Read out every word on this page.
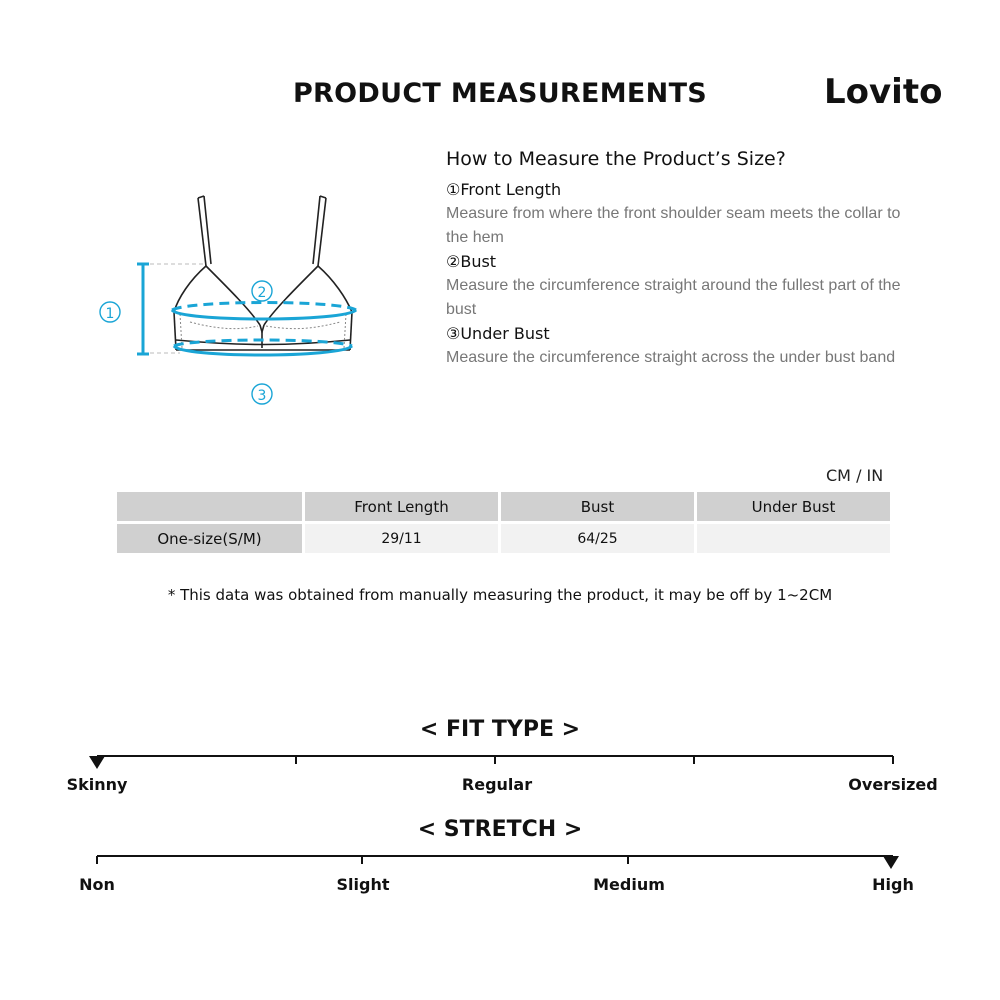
PRODUCT MEASUREMENTS	Lovito
1
2
3
How to Measure the Product’s Size?
①Front Length
Measure from where the front shoulder seam meets the collar to the hem
②Bust
Measure the circumference straight around the fullest part of the bust
③Under Bust
Measure the circumference straight across the under bust band
CM / IN
	Front Length	Bust	Under Bust
One-size(S/M)	29/11	64/25	
* This data was obtained from manually measuring the product, it may be off by 1~2CM
< FIT TYPE >
Skinny	Regular	Oversized
< STRETCH >
Non	Slight	Medium	High
